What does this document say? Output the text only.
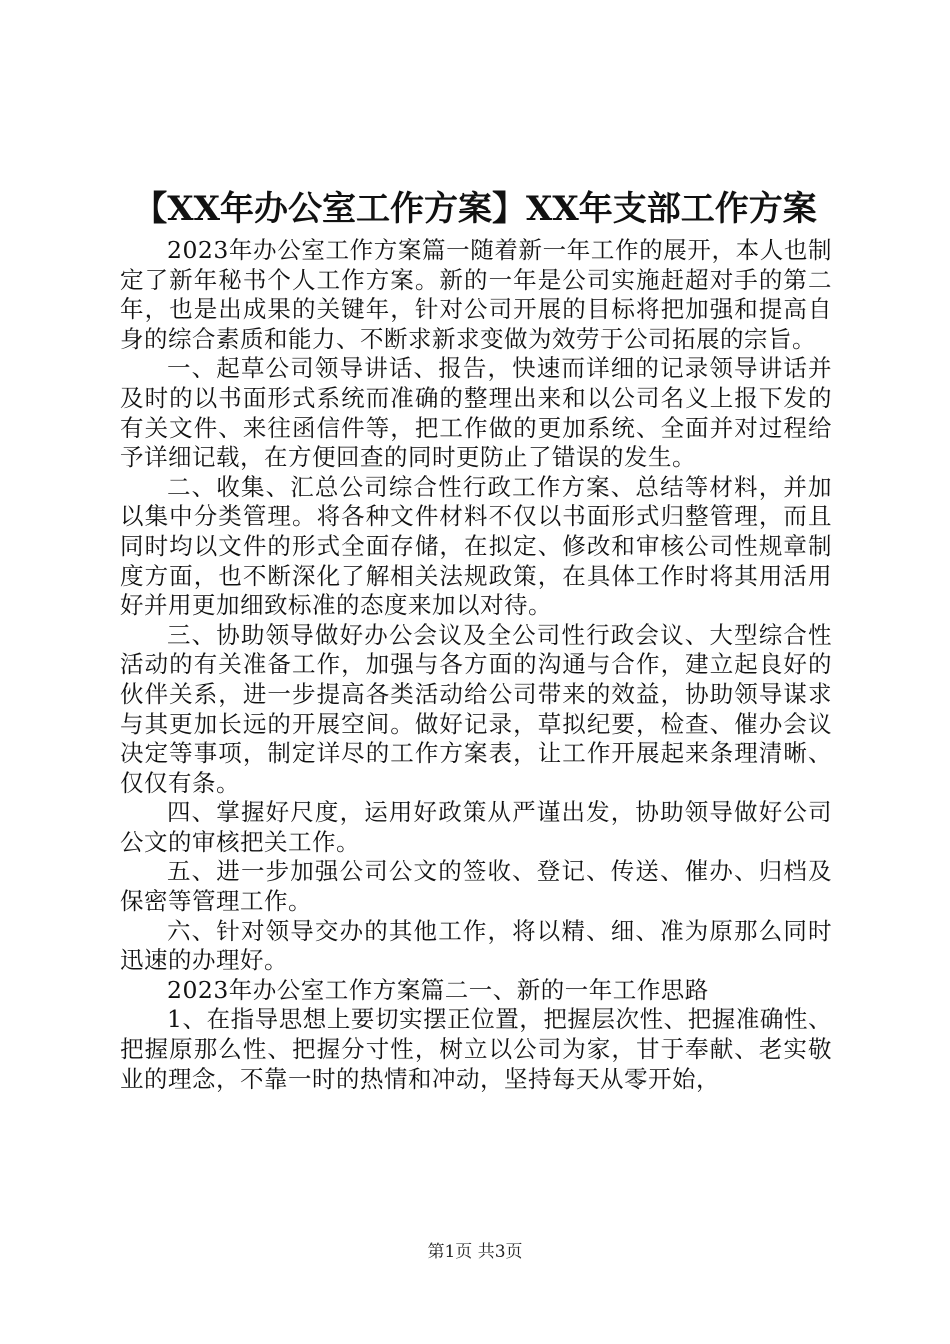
【XX年办公室工作方案】XX年支部工作方案

2023年办公室工作方案篇一随着新一年工作的展开，本人也制定了新年秘书个人工作方案。新的一年是公司实施赶超对手的第二年，也是出成果的关键年，针对公司开展的目标将把加强和提高自身的综合素质和能力、不断求新求变做为效劳于公司拓展的宗旨。

一、起草公司领导讲话、报告，快速而详细的记录领导讲话并及时的以书面形式系统而准确的整理出来和以公司名义上报下发的有关文件、来往函信件等，把工作做的更加系统、全面并对过程给予详细记载，在方便回查的同时更防止了错误的发生。

二、收集、汇总公司综合性行政工作方案、总结等材料，并加以集中分类管理。将各种文件材料不仅以书面形式归整管理，而且同时均以文件的形式全面存储，在拟定、修改和审核公司性规章制度方面，也不断深化了解相关法规政策，在具体工作时将其用活用好并用更加细致标准的态度来加以对待。

三、协助领导做好办公会议及全公司性行政会议、大型综合性活动的有关准备工作，加强与各方面的沟通与合作，建立起良好的伙伴关系，进一步提高各类活动给公司带来的效益，协助领导谋求与其更加长远的开展空间。做好记录，草拟纪要，检查、催办会议决定等事项，制定详尽的工作方案表，让工作开展起来条理清晰、仅仅有条。

四、掌握好尺度，运用好政策从严谨出发，协助领导做好公司公文的审核把关工作。

五、进一步加强公司公文的签收、登记、传送、催办、归档及保密等管理工作。

六、针对领导交办的其他工作，将以精、细、准为原那么同时迅速的办理好。

2023年办公室工作方案篇二一、新的一年工作思路

1、在指导思想上要切实摆正位置，把握层次性、把握准确性、把握原那么性、把握分寸性，树立以公司为家，甘于奉献、老实敬业的理念，不靠一时的热情和冲动，坚持每天从零开始，

第1页 共3页
